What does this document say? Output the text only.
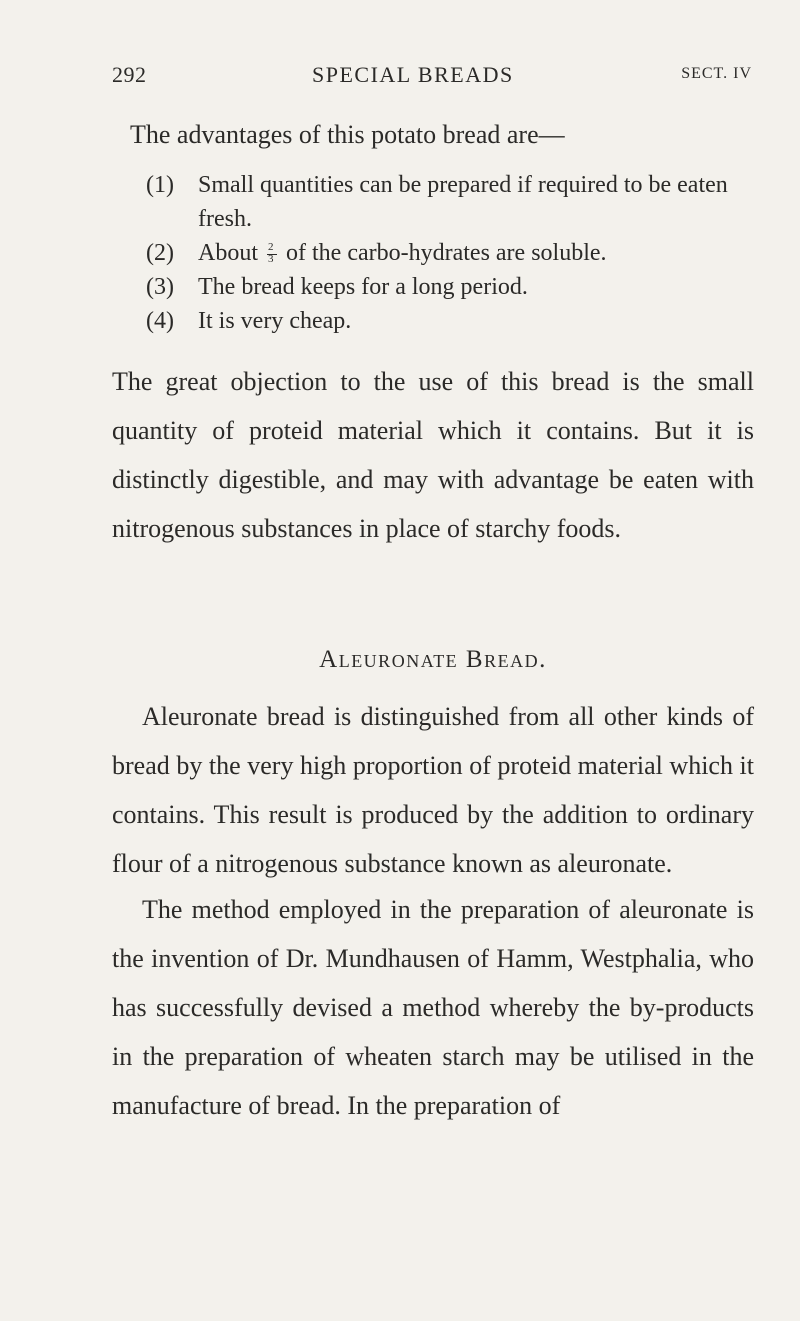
292	SPECIAL BREADS	SECT. IV
The advantages of this potato bread are—
(1) Small quantities can be prepared if required to be eaten fresh.
(2) About 2
3 of the carbo-hydrates are soluble.
(3) The bread keeps for a long period.
(4) It is very cheap.

The great objection to the use of this bread is the small quantity of proteid material which it contains. But it is distinctly digestible, and may with advantage be eaten with nitrogenous substances in place of starchy foods.

Aleuronate Bread.

Aleuronate bread is distinguished from all other kinds of bread by the very high proportion of proteid material which it contains. This result is produced by the addition to ordinary flour of a nitrogenous substance known as aleuronate.

The method employed in the preparation of aleuronate is the invention of Dr. Mundhausen of Hamm, Westphalia, who has successfully devised a method whereby the by-products in the preparation of wheaten starch may be utilised in the manufacture of bread. In the preparation of
